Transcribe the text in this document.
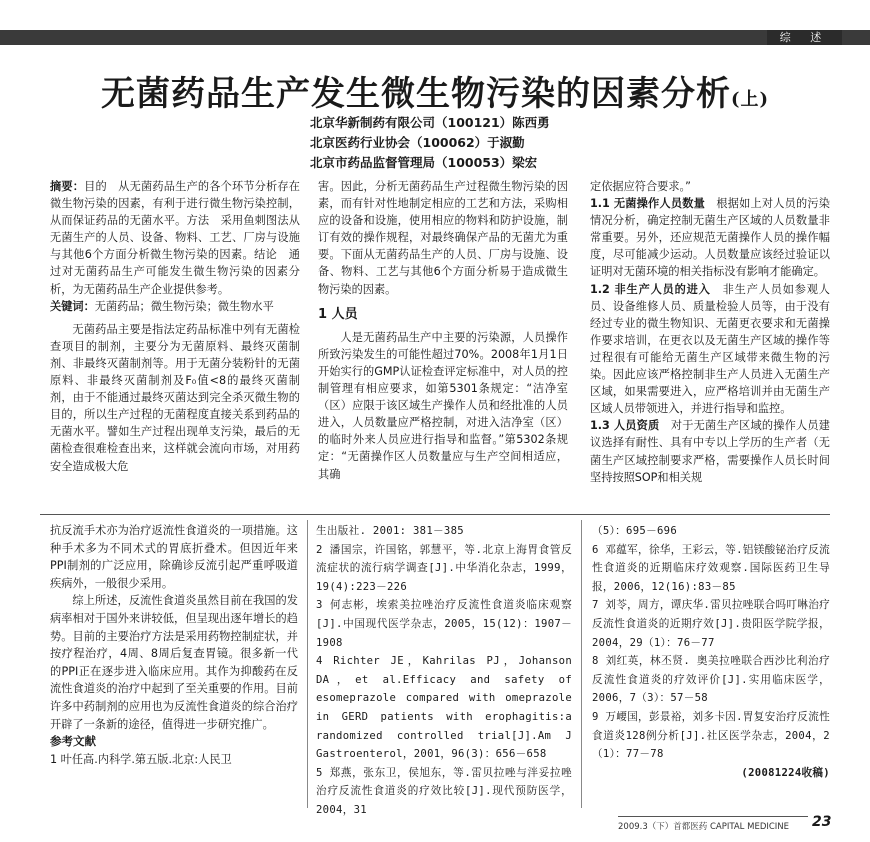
综 述
无菌药品生产发生微生物污染的因素分析(上)
北京华新制药有限公司（100121）陈西勇
北京医药行业协会（100062）于淑勤
北京市药品监督管理局（100053）梁宏

摘要：目的　从无菌药品生产的各个环节分析存在微生物污染的因素，有利于进行微生物污染控制，从而保证药品的无菌水平。方法　采用鱼刺图法从无菌生产的人员、设备、物料、工艺、厂房与设施与其他6个方面分析微生物污染的因素。结论　通过对无菌药品生产可能发生微生物污染的因素分析，为无菌药品生产企业提供参考。

关键词：无菌药品；微生物污染；微生物水平

无菌药品主要是指法定药品标准中列有无菌检查项目的制剂，主要分为无菌原料、最终灭菌制剂、非最终灭菌制剂等。用于无菌分装粉针的无菌原料、非最终灭菌制剂及F₀值<8的最终灭菌制剂，由于不能通过最终灭菌达到完全杀灭微生物的目的，所以生产过程的无菌程度直接关系到药品的无菌水平。譬如生产过程出现单支污染，最后的无菌检查很难检查出来，这样就会流向市场，对用药安全造成极大危

害。因此，分析无菌药品生产过程微生物污染的因素，而有针对性地制定相应的工艺和方法，采购相应的设备和设施，使用相应的物料和防护设施，制订有效的操作规程，对最终确保产品的无菌尤为重要。下面从无菌药品生产的人员、厂房与设施、设备、物料、工艺与其他6个方面分析易于造成微生物污染的因素。

1 人员

人是无菌药品生产中主要的污染源，人员操作所致污染发生的可能性超过70%。2008年1月1日开始实行的GMP认证检查评定标准中，对人员的控制管理有相应要求，如第5301条规定：“洁净室（区）应限于该区域生产操作人员和经批准的人员进入，人员数量应严格控制，对进入洁净室（区）的临时外来人员应进行指导和监督。”第5302条规定：“无菌操作区人员数量应与生产空间相适应，其确

定依据应符合要求。”

1.1 无菌操作人员数量　 根据如上对人员的污染情况分析，确定控制无菌生产区域的人员数量非常重要。另外，还应规范无菌操作人员的操作幅度，尽可能减少运动。人员数量应该经过验证以证明对无菌环境的相关指标没有影响才能确定。

1.2 非生产人员的进入　 非生产人员如参观人员、设备维修人员、质量检验人员等，由于没有经过专业的微生物知识、无菌更衣要求和无菌操作要求培训，在更衣以及无菌生产区域的操作等过程很有可能给无菌生产区域带来微生物的污染。因此应该严格控制非生产人员进入无菌生产区域，如果需要进入，应严格培训并由无菌生产区域人员带领进入，并进行指导和监控。

1.3 人员资质　 对于无菌生产区域的操作人员建议选择有耐性、具有中专以上学历的生产者（无菌生产区域控制要求严格，需要操作人员长时间坚持按照SOP和相关规

抗反流手术亦为治疗返流性食道炎的一项措施。这种手术多为不同术式的胃底折叠术。但因近年来PPI制剂的广泛应用，除确诊反流引起严重呼吸道疾病外，一般很少采用。

综上所述，反流性食道炎虽然目前在我国的发病率相对于国外来讲较低，但呈现出逐年增长的趋势。目前的主要治疗方法是采用药物控制症状，并按疗程治疗，4周、8周后复查胃镜。很多新一代的PPI正在逐步进入临床应用。其作为抑酸药在反流性食道炎的治疗中起到了至关重要的作用。目前许多中药制剂的应用也为反流性食道炎的综合治疗开辟了一条新的途径，值得进一步研究推广。

参考文献

1 叶任高.内科学.第五版.北京:人民卫

生出版社. 2001: 381－385

2 潘国宗，许国铭，郭慧平，等.北京上海胃食管反流症状的流行病学调查[J].中华消化杂志，1999，19(4):223－226

3 何志彬，埃索美拉唑治疗反流性食道炎临床观察[J].中国现代医学杂志，2005，15(12)：1907－1908

4 Richter JE，Kahrilas PJ，Johanson DA，et al.Efficacy and safety of esomeprazole compared with omeprazole in GERD patients with erophagitis:a randomized controlled trial[J].Am J Gastroenterol，2001，96(3)：656－658

5 郑燕，张东卫，侯旭东，等.雷贝拉唑与泮妥拉唑治疗反流性食道炎的疗效比较[J].现代预防医学，2004，31

（5）：695－696

6 邓蕴军，徐华，王彩云，等.铝镁酸铋治疗反流性食道炎的近期临床疗效观察.国际医药卫生导报，2006，12(16):83－85

7 刘苓，周方，谭庆华.雷贝拉唑联合吗叮啉治疗反流性食道炎的近期疗效[J].贵阳医学院学报，2004，29（1）：76－77

8 刘红英，林丕贤. 奥美拉唑联合西沙比利治疗反流性食道炎的疗效评价[J].实用临床医学，2006，7（3）：57－58

9 万崾国，彭景裕，刘多卡因.胃复安治疗反流性食道炎128例分析[J].社区医学杂志，2004，2（1）：77－78

(20081224收稿)

2009.3（下）首都医药 CAPITAL MEDICINE 23
